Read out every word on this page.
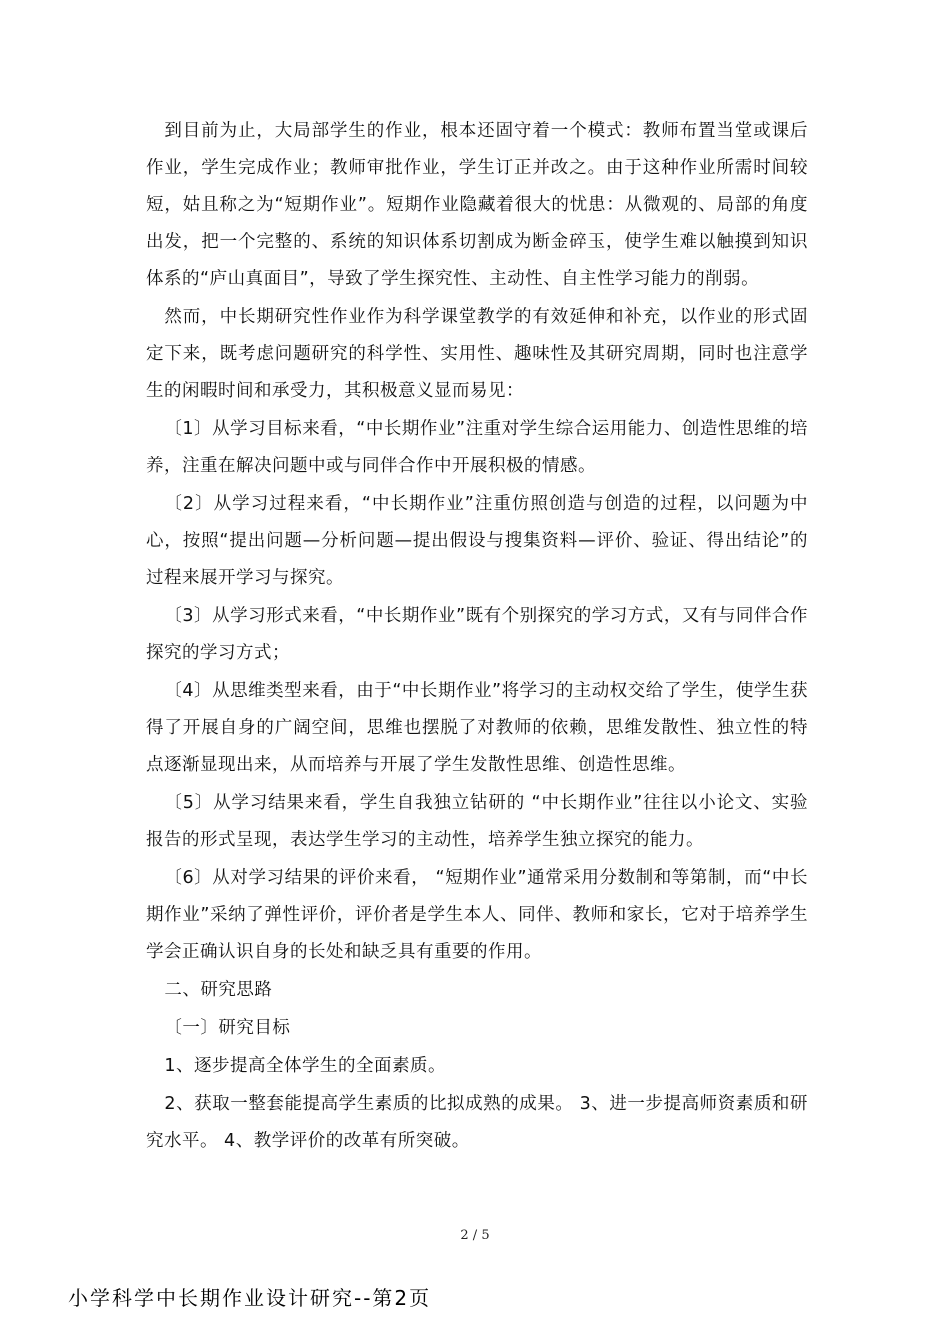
到目前为止，大局部学生的作业，根本还固守着一个模式：教师布置当堂或课后作业，学生完成作业；教师审批作业，学生订正并改之。由于这种作业所需时间较短，姑且称之为“短期作业”。短期作业隐藏着很大的忧患：从微观的、局部的角度出发，把一个完整的、系统的知识体系切割成为断金碎玉，使学生难以触摸到知识体系的“庐山真面目”，导致了学生探究性、主动性、自主性学习能力的削弱。

然而，中长期研究性作业作为科学课堂教学的有效延伸和补充，以作业的形式固定下来，既考虑问题研究的科学性、实用性、趣味性及其研究周期，同时也注意学生的闲暇时间和承受力，其积极意义显而易见：

〔1〕从学习目标来看，“中长期作业”注重对学生综合运用能力、创造性思维的培养，注重在解决问题中或与同伴合作中开展积极的情感。

〔2〕从学习过程来看，“中长期作业”注重仿照创造与创造的过程，以问题为中心，按照“提出问题—分析问题—提出假设与搜集资料—评价、验证、得出结论”的过程来展开学习与探究。

〔3〕从学习形式来看，“中长期作业”既有个别探究的学习方式，又有与同伴合作探究的学习方式；

〔4〕从思维类型来看，由于“中长期作业”将学习的主动权交给了学生，使学生获得了开展自身的广阔空间，思维也摆脱了对教师的依赖，思维发散性、独立性的特点逐渐显现出来，从而培养与开展了学生发散性思维、创造性思维。

〔5〕从学习结果来看，学生自我独立钻研的 “中长期作业”往往以小论文、实验报告的形式呈现，表达学生学习的主动性，培养学生独立探究的能力。

〔6〕从对学习结果的评价来看， “短期作业”通常采用分数制和等第制，而“中长期作业”采纳了弹性评价，评价者是学生本人、同伴、教师和家长，它对于培养学生学会正确认识自身的长处和缺乏具有重要的作用。

二、研究思路

〔一〕研究目标

1、逐步提高全体学生的全面素质。

2、获取一整套能提高学生素质的比拟成熟的成果。 3、进一步提高师资素质和研究水平。 4、教学评价的改革有所突破。

2 / 5
小学科学中长期作业设计研究--第2页
